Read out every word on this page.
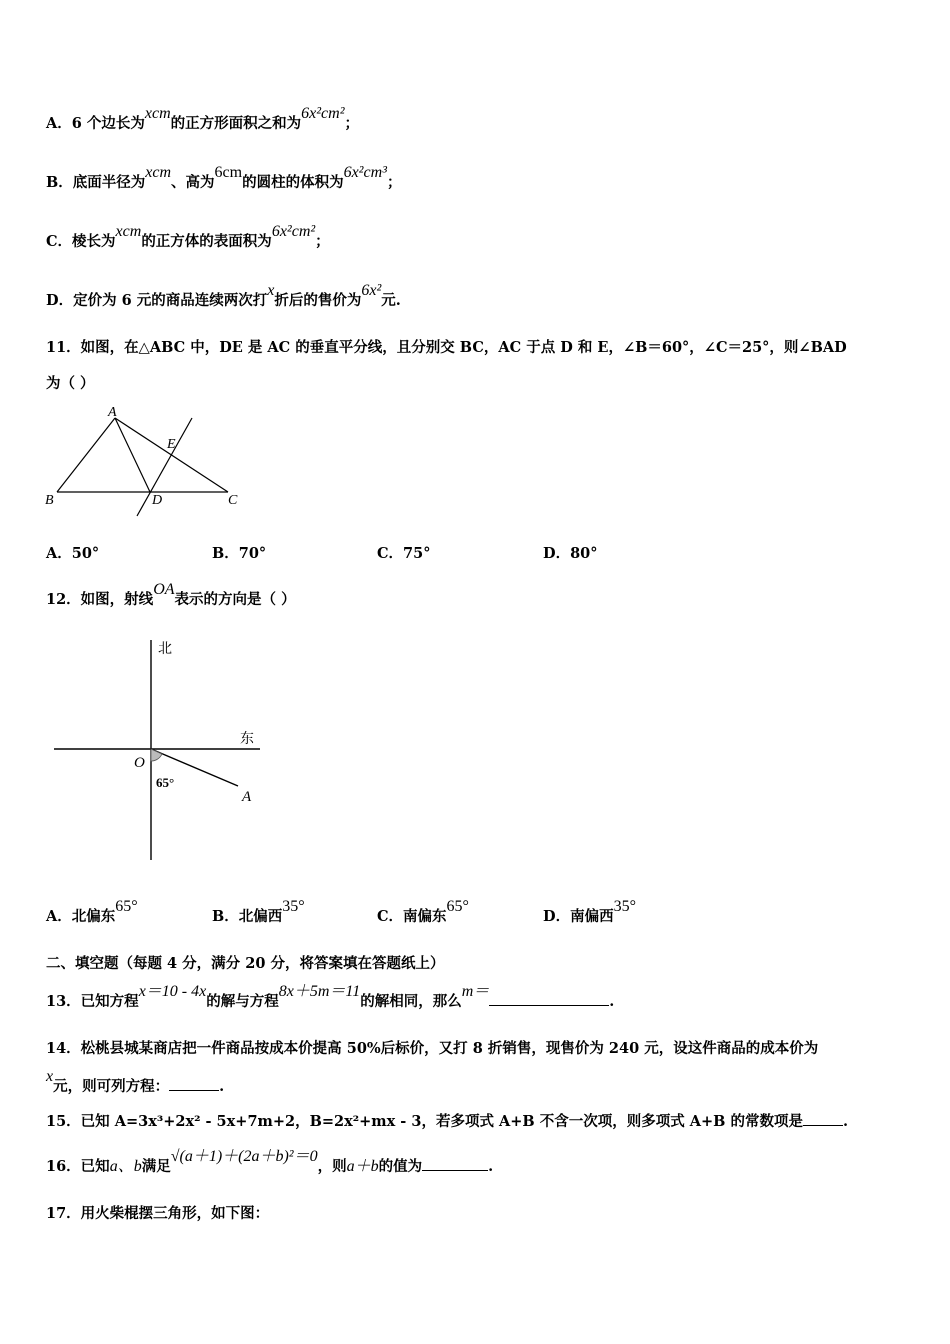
A．6 个边长为xcm的正方形面积之和为6x²cm²；
B．底面半径为xcm、高为6cm的圆柱的体积为6x²cm³；
C．棱长为xcm的正方体的表面积为6x²cm²；
D．定价为 6 元的商品连续两次打x折后的售价为6x²元.
11．如图，在△ABC 中，DE 是 AC 的垂直平分线，且分别交 BC，AC 于点 D 和 E，∠B＝60°，∠C＝25°，则∠BAD
为（ ）
A
E
B	D	C
A．50°	B．70°	C．75°	D．80°
12．如图，射线OA表示的方向是（ ）
北
东
O
65°
A
A．北偏东65°
B．北偏西35°
C．南偏东65°
D．南偏西35°
二、填空题（每题 4 分，满分 20 分，将答案填在答题纸上）
13．已知方程x＝10 - 4x的解与方程8x＋5m＝11的解相同，那么m＝.
14．松桃县城某商店把一件商品按成本价提高 50%后标价，又打 8 折销售，现售价为 240 元，设这件商品的成本价为
x元，则可列方程：	.
15．已知 A=3x³+2x² - 5x+7m+2，B=2x²+mx - 3，若多项式 A+B 不含一次项，则多项式 A+B 的常数项是	.
16．已知a、b满足√(a＋1)＋(2a＋b)²＝0，则a＋b的值为	.
17．用火柴棍摆三角形，如下图：
